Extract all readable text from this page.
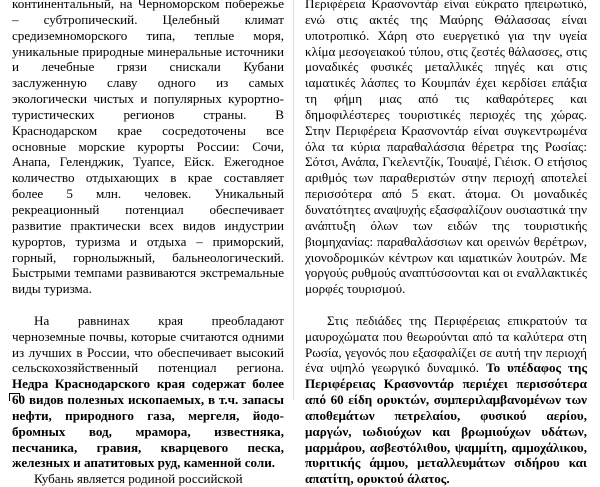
континентальный, на Черноморском побережье – субтропический. Целебный климат средиземноморского типа, теплые моря, уникальные природные минеральные источники и лечебные грязи снискали Кубани заслуженную славу одного из самых экологически чистых и популярных курортно-туристических регионов страны. В Краснодарском крае сосредоточены все основные морские курорты России: Сочи, Анапа, Геленджик, Туапсе, Ейск. Ежегодное количество отдыхающих в крае составляет более 5 млн. человек. Уникальный рекреационный потенциал обеспечивает развитие практически всех видов индустрии курортов, туризма и отдыха – приморский, горный, горнолыжный, бальнеологический. Быстрыми темпами развиваются экстремальные виды туризма.

На равнинах края преобладают черноземные почвы, которые считаются одними из лучших в России, что обеспечивает высокий сельскохозяйственный потенциал региона. Недра Краснодарского края содержат более 60 видов полезных ископаемых, в т.ч. запасы нефти, природного газа, мергеля, йодо-бромных вод, мрамора, известняка, песчаника, гравия, кварцевого песка, железных и апатитовых руд, каменной соли.

Кубань является родиной российской

Περιφέρεια Κρασνοντάρ είναι εύκρατο ηπειρωτικό, ενώ στις ακτές της Μαύρης Θάλασσας είναι υποτροπικό. Χάρη στο ευεργετικό για την υγεία κλίμα μεσογειακού τύπου, στις ζεστές θάλασσες, στις μοναδικές φυσικές μεταλλικές πηγές και στις ιαματικές λάσπες το Κουμπάν έχει κερδίσει επάξια τη φήμη μιας από τις καθαρότερες και δημοφιλέστερες τουριστικές περιοχές της χώρας. Στην Περιφέρεια Κρασνοντάρ είναι συγκεντρωμένα όλα τα κύρια παραθαλάσσια θέρετρα της Ρωσίας: Σότσι, Ανάπα, Γκελεντζίκ, Τουαψέ, Γιέισκ. Ο ετήσιος αριθμός των παραθεριστών στην περιοχή αποτελεί περισσότερα από 5 εκατ. άτομα. Οι μοναδικές δυνατότητες αναψυχής εξασφαλίζουν ουσιαστικά την ανάπτυξη όλων των ειδών της τουριστικής βιομηχανίας: παραθαλάσσιων και ορεινών θερέτρων, χιονοδρομικών κέντρων και ιαματικών λουτρών. Με γοργούς ρυθμούς αναπτύσσονται και οι εναλλακτικές μορφές τουρισμού.

Στις πεδιάδες της Περιφέρειας επικρατούν τα μαυροχώματα που θεωρούνται από τα καλύτερα στη Ρωσία, γεγονός που εξασφαλίζει σε αυτή την περιοχή ένα υψηλό γεωργικό δυναμικό. Το υπέδαφος της Περιφέρειας Κρασνοντάρ περιέχει περισσότερα από 60 είδη ορυκτών, συμπεριλαμβανομένων των αποθεμάτων πετρελαίου, φυσικού αερίου, μαργών, ιωδιούχων και βρωμιούχων υδάτων, μαρμάρου, ασβεστόλιθου, ψαμμίτη, αμμοχάλικου, πυριτικής άμμου, μεταλλευμάτων σιδήρου και απατίτη, ορυκτού άλατος.
